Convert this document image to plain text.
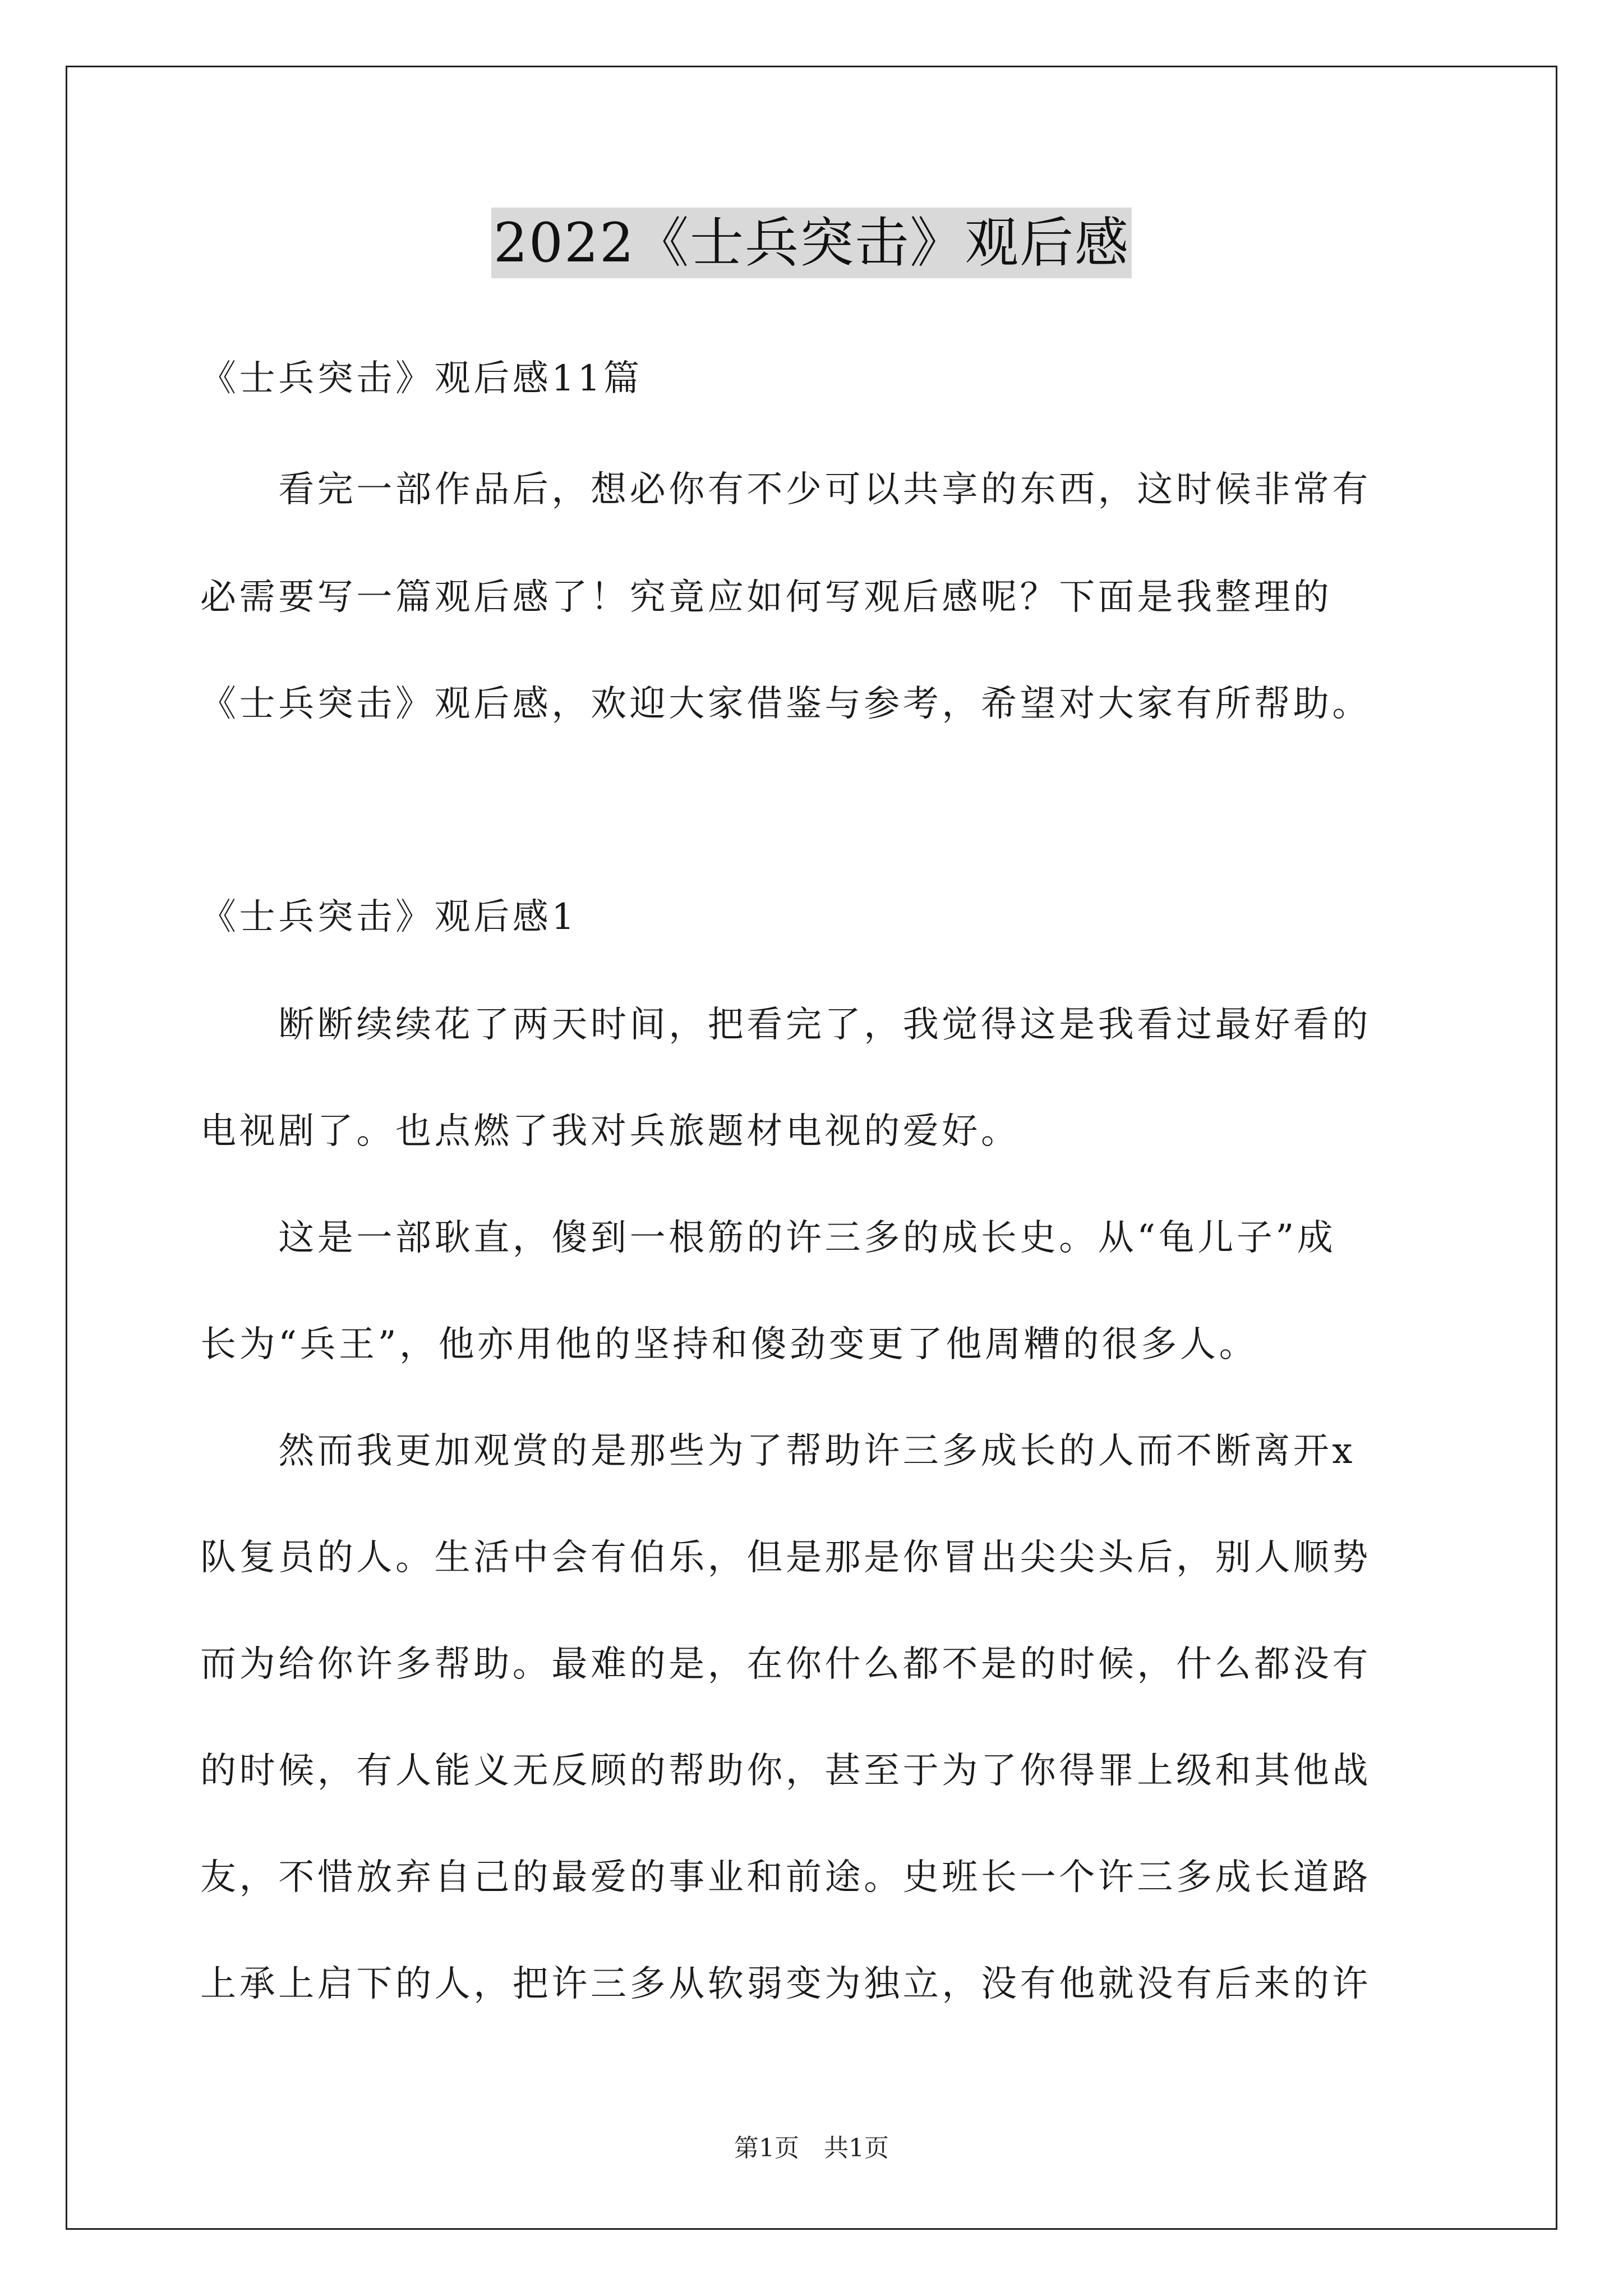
2022《士兵突击》观后感
《士兵突击》观后感11篇
　　看完一部作品后，想必你有不少可以共享的东西，这时候非常有
必需要写一篇观后感了！究竟应如何写观后感呢？下面是我整理的
《士兵突击》观后感，欢迎大家借鉴与参考，希望对大家有所帮助。
《士兵突击》观后感1
　　断断续续花了两天时间，把看完了，我觉得这是我看过最好看的
电视剧了。也点燃了我对兵旅题材电视的爱好。
　　这是一部耿直，傻到一根筋的许三多的成长史。从“龟儿子”成
长为“兵王”，他亦用他的坚持和傻劲变更了他周糟的很多人。
　　然而我更加观赏的是那些为了帮助许三多成长的人而不断离开x
队复员的人。生活中会有伯乐，但是那是你冒出尖尖头后，别人顺势
而为给你许多帮助。最难的是，在你什么都不是的时候，什么都没有
的时候，有人能义无反顾的帮助你，甚至于为了你得罪上级和其他战
友，不惜放弃自己的最爱的事业和前途。史班长一个许三多成长道路
上承上启下的人，把许三多从软弱变为独立，没有他就没有后来的许
第1页　共1页
